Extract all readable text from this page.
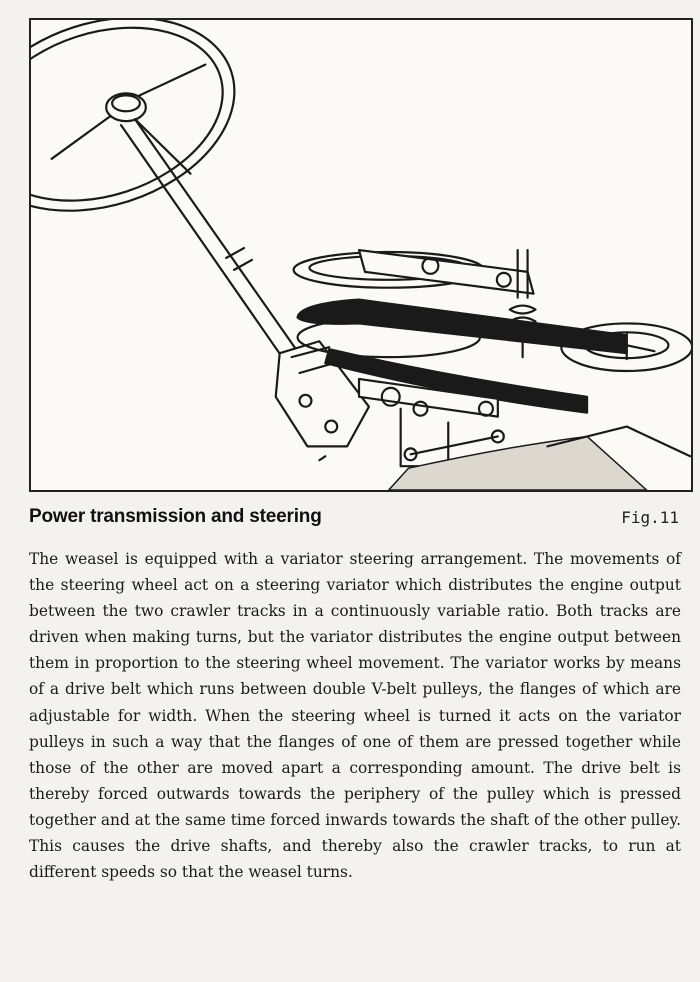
Power transmission and steering	Fig.11

The weasel is equipped with a variator steering arrangement. The movements of the steering wheel act on a steering variator which distributes the engine output between the two crawler tracks in a continuously variable ratio. Both tracks are driven when making turns, but the variator distributes the engine output between them in proportion to the steering wheel movement. The variator works by means of a drive belt which runs between double V-belt pulleys, the flanges of which are adjustable for width. When the steering wheel is turned it acts on the variator pulleys in such a way that the flanges of one of them are pressed together while those of the other are moved apart a corresponding amount. The drive belt is thereby forced outwards towards the periphery of the pulley which is pressed together and at the same time forced inwards towards the shaft of the other pulley. This causes the drive shafts, and thereby also the crawler tracks, to run at different speeds so that the weasel turns.
